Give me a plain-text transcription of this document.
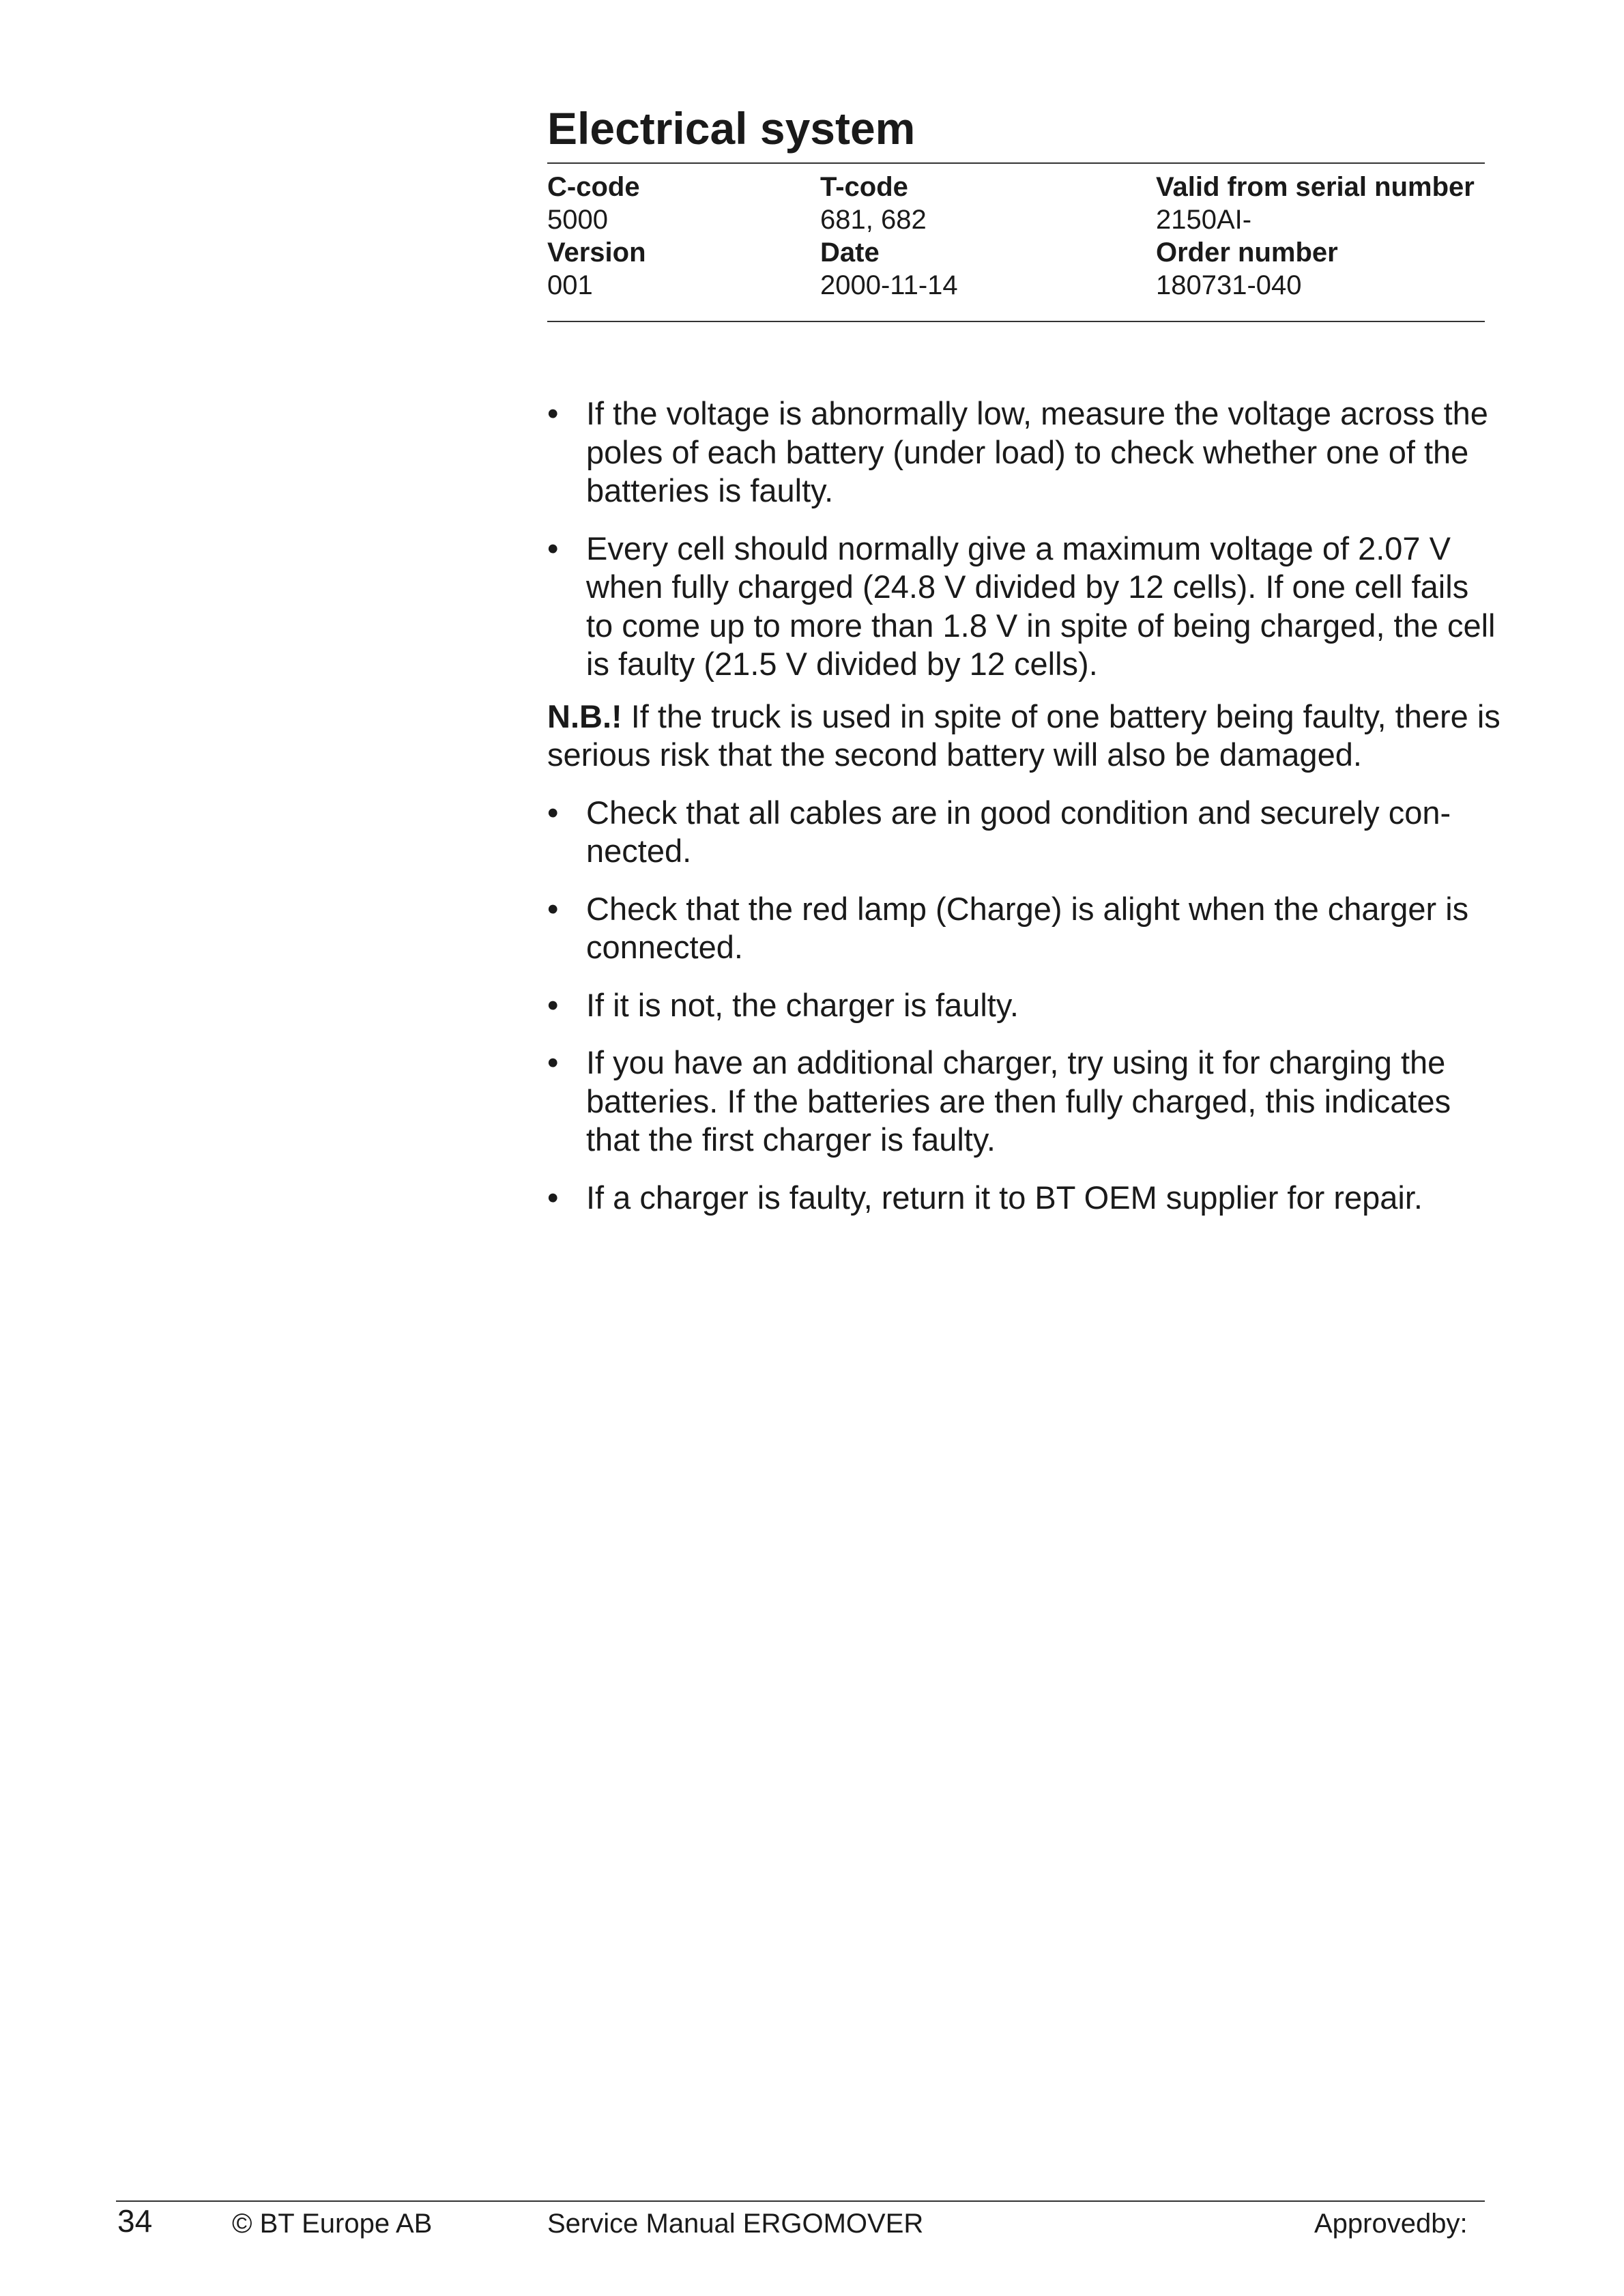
Electrical system
C-code	T-code	Valid from serial number
5000	681, 682	2150AI-
Version	Date	Order number
001	2000-11-14	180731-040
• If the voltage is abnormally low, measure the voltage across the poles of each battery (under load) to check whether one of the batteries is faulty.
• Every cell should normally give a maximum voltage of 2.07 V when fully charged (24.8 V divided by 12 cells). If one cell fails to come up to more than 1.8 V in spite of being charged, the cell is faulty (21.5 V divided by 12 cells).
N.B.! If the truck is used in spite of one battery being faulty, there is serious risk that the second battery will also be damaged.
• Check that all cables are in good condition and securely con-nected.
• Check that the red lamp (Charge) is alight when the charger is connected.
• If it is not, the charger is faulty.
• If you have an additional charger, try using it for charging the batteries. If the batteries are then fully charged, this indicates that the first charger is faulty.
• If a charger is faulty, return it to BT OEM supplier for repair.
34	© BT Europe AB	Service Manual ERGOMOVER	Approvedby:
